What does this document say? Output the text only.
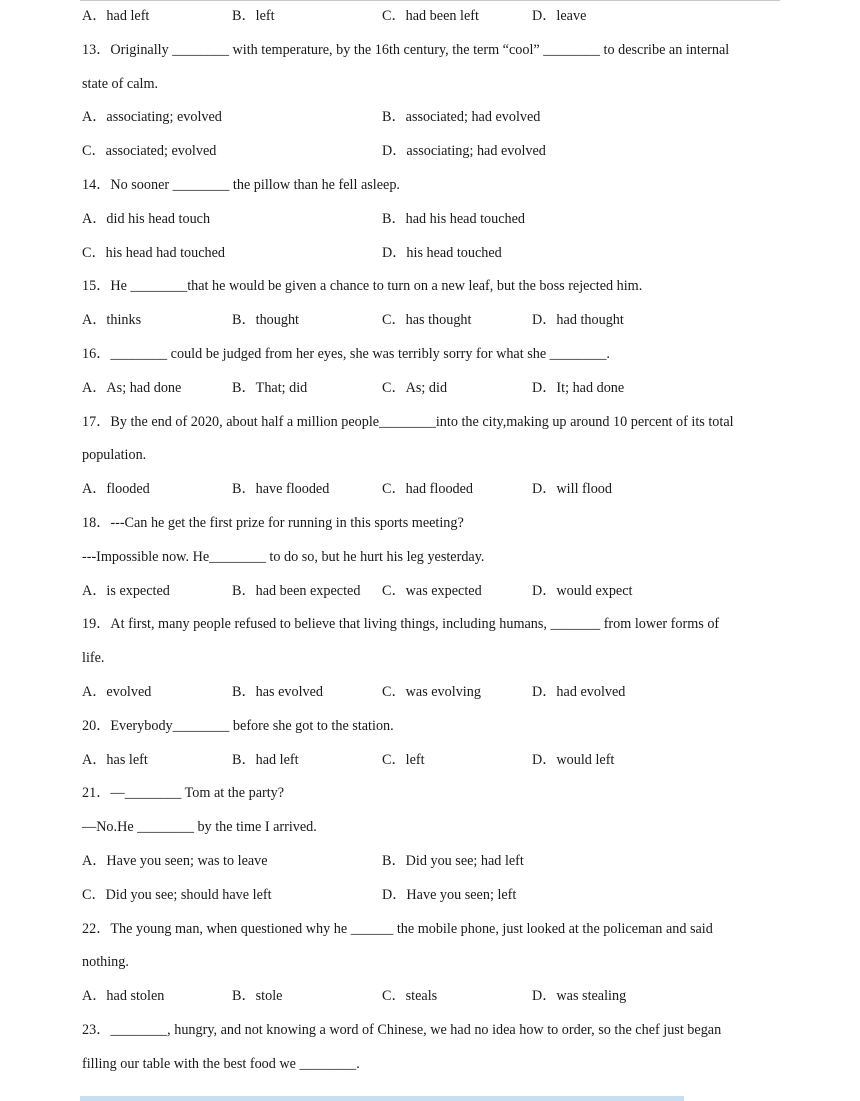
A．had left	B．left	C．had been left	D．leave
13．Originally ________ with temperature, by the 16th century, the term “cool” ________ to describe an internal
state of calm.
A．associating; evolved	B．associated; had evolved
C．associated; evolved	D．associating; had evolved
14．No sooner ________ the pillow than he fell asleep.
A．did his head touch	B．had his head touched
C．his head had touched	D．his head touched
15．He ________that he would be given a chance to turn on a new leaf, but the boss rejected him.
A．thinks	B．thought	C．has thought	D．had thought
16．________ could be judged from her eyes, she was terribly sorry for what she ________.
A．As; had done	B．That; did	C．As; did	D．It; had done
17．By the end of 2020, about half a million people________into the city,making up around 10 percent of its total
population.
A．flooded	B．have flooded	C．had flooded	D．will flood
18．---Can he get the first prize for running in this sports meeting?
---Impossible now. He________ to do so, but he hurt his leg yesterday.
A．is expected	B．had been expected	C．was expected	D．would expect
19．At first, many people refused to believe that living things, including humans, _______ from lower forms of
life.
A．evolved	B．has evolved	C．was evolving	D．had evolved
20．Everybody________ before she got to the station.
A．has left	B．had left	C．left	D．would left
21．—________ Tom at the party?
—No.He ________ by the time I arrived.
A．Have you seen; was to leave	B．Did you see; had left
C．Did you see; should have left	D．Have you seen; left
22．The young man, when questioned why he ______ the mobile phone, just looked at the policeman and said
nothing.
A．had stolen	B．stole	C．steals	D．was stealing
23．________, hungry, and not knowing a word of Chinese, we had no idea how to order, so the chef just began
filling our table with the best food we ________.
